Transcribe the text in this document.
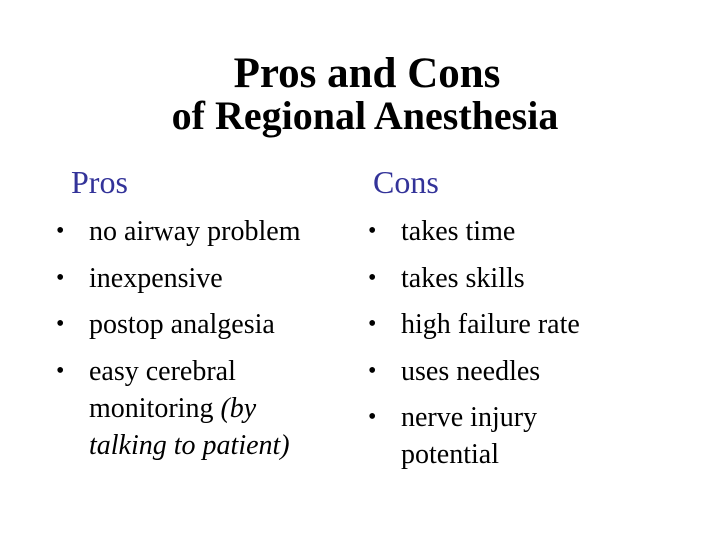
Pros and Cons
of Regional Anesthesia
Pros	Cons
• no airway problem
• inexpensive
• postop analgesia
• easy cerebral
monitoring (by
talking to patient)
• takes time
• takes skills
• high failure rate
• uses needles
• nerve injury
potential
